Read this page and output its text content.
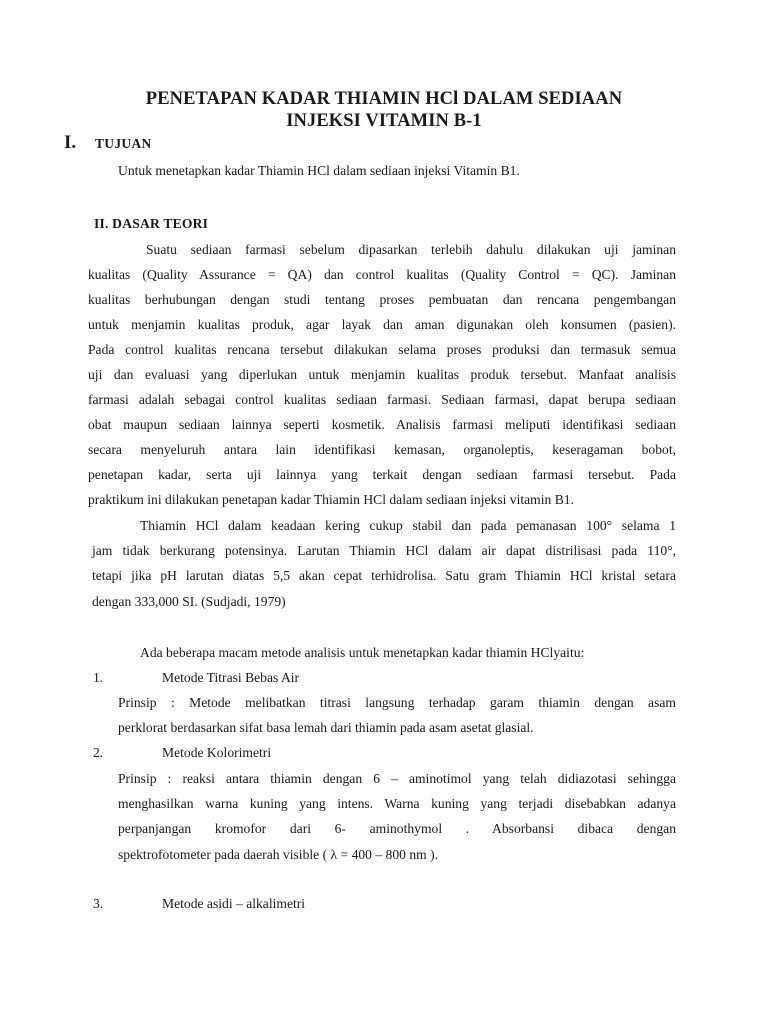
PENETAPAN KADAR THIAMIN HCl DALAM SEDIAAN
INJEKSI VITAMIN B-1
I. TUJUAN
Untuk menetapkan kadar Thiamin HCl dalam sediaan injeksi Vitamin B1.
II. DASAR TEORI
Suatu sediaan farmasi sebelum dipasarkan terlebih dahulu dilakukan uji jaminan
kualitas (Quality Assurance = QA) dan control kualitas (Quality Control = QC). Jaminan
kualitas berhubungan dengan studi tentang proses pembuatan dan rencana pengembangan
untuk menjamin kualitas produk, agar layak dan aman digunakan oleh konsumen (pasien).
Pada control kualitas rencana tersebut dilakukan selama proses produksi dan termasuk semua
uji dan evaluasi yang diperlukan untuk menjamin kualitas produk tersebut. Manfaat analisis
farmasi adalah sebagai control kualitas sediaan farmasi. Sediaan farmasi, dapat berupa sediaan
obat maupun sediaan lainnya seperti kosmetik. Analisis farmasi meliputi identifikasi sediaan
secara menyeluruh antara lain identifikasi kemasan, organoleptis, keseragaman bobot,
penetapan kadar, serta uji lainnya yang terkait dengan sediaan farmasi tersebut. Pada
praktikum ini dilakukan penetapan kadar Thiamin HCl dalam sediaan injeksi vitamin B1.
Thiamin HCl dalam keadaan kering cukup stabil dan pada pemanasan 100° selama 1
jam tidak berkurang potensinya. Larutan Thiamin HCl dalam air dapat distrilisasi pada 110°,
tetapi jika pH larutan diatas 5,5 akan cepat terhidrolisa. Satu gram Thiamin HCl kristal setara
dengan 333,000 SI. (Sudjadi, 1979)
Ada beberapa macam metode analisis untuk menetapkan kadar thiamin HClyaitu:
1.	Metode Titrasi Bebas Air
Prinsip : Metode melibatkan titrasi langsung terhadap garam thiamin dengan asam
perklorat berdasarkan sifat basa lemah dari thiamin pada asam asetat glasial.
2.	Metode Kolorimetri
Prinsip : reaksi antara thiamin dengan 6 – aminotimol yang telah didiazotasi sehingga
menghasilkan warna kuning yang intens. Warna kuning yang terjadi disebabkan adanya
perpanjangan kromofor dari 6- aminothymol . Absorbansi dibaca dengan
spektrofotometer pada daerah visible ( λ = 400 – 800 nm ).
3.	Metode asidi – alkalimetri
